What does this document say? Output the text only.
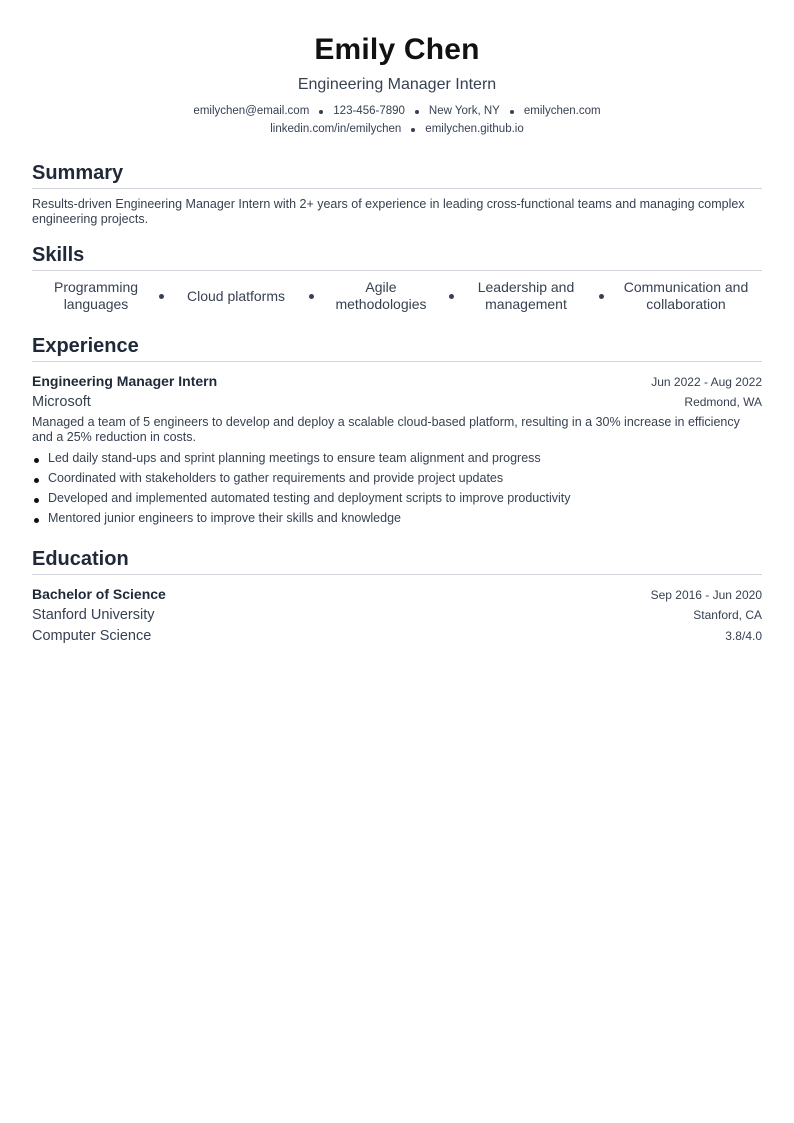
Emily Chen
Engineering Manager Intern
emilychen@email.com 123-456-7890 New York, NY emilychen.com
linkedin.com/in/emilychen emilychen.github.io
Summary
Results-driven Engineering Manager Intern with 2+ years of experience in leading cross-functional teams and managing complex engineering projects.
Skills
Programming languages
Cloud platforms
Agile methodologies
Leadership and management
Communication and collaboration
Experience
Engineering Manager Intern	Jun 2022 - Aug 2022
Microsoft	Redmond, WA
Managed a team of 5 engineers to develop and deploy a scalable cloud-based platform, resulting in a 30% increase in efficiency and a 25% reduction in costs.
Led daily stand-ups and sprint planning meetings to ensure team alignment and progress
Coordinated with stakeholders to gather requirements and provide project updates
Developed and implemented automated testing and deployment scripts to improve productivity
Mentored junior engineers to improve their skills and knowledge
Education
Bachelor of Science	Sep 2016 - Jun 2020
Stanford University	Stanford, CA
Computer Science	3.8/4.0
